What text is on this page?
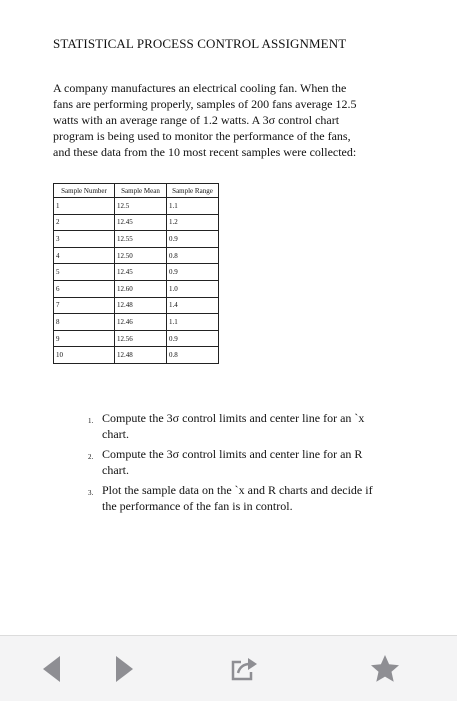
STATISTICAL PROCESS CONTROL ASSIGNMENT
A company manufactures an electrical cooling fan. When the
fans are performing properly, samples of 200 fans average 12.5
watts with an average range of 1.2 watts. A 3σ control chart
program is being used to monitor the performance of the fans,
and these data from the 10 most recent samples were collected:
Sample Number	Sample Mean	Sample Range
1	12.5	1.1
2	12.45	1.2
3	12.55	0.9
4	12.50	0.8
5	12.45	0.9
6	12.60	1.0
7	12.48	1.4
8	12.46	1.1
9	12.56	0.9
10	12.48	0.8
1. Compute the 3σ control limits and center line for an `x
chart.
2. Compute the 3σ control limits and center line for an R
chart.
3. Plot the sample data on the `x and R charts and decide if
the performance of the fan is in control.
